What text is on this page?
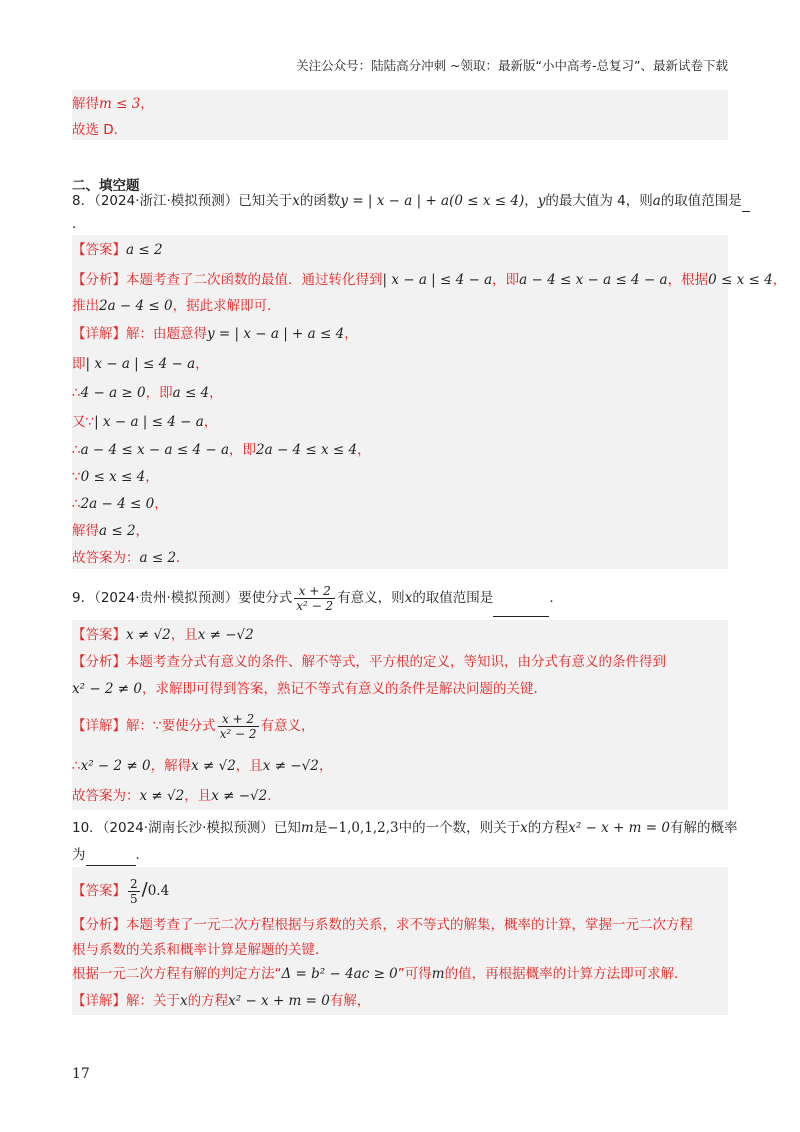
关注公众号：陆陆高分冲刺 ~领取：最新版“小中高考-总复习”、最新试卷下载
解得m ≤ 3，
故选 D．
二、填空题
8．（2024·浙江·模拟预测）已知关于x的函数y = | x − a | + a(0 ≤ x ≤ 4)，y的最大值为 4，则a的取值范围是
．
【答案】a ≤ 2
【分析】本题考查了二次函数的最值．通过转化得到| x − a | ≤ 4 − a，即a − 4 ≤ x − a ≤ 4 − a，根据0 ≤ x ≤ 4，
推出2a − 4 ≤ 0，据此求解即可．
【详解】解：由题意得y = | x − a | + a ≤ 4，
即| x − a | ≤ 4 − a，
∴4 − a ≥ 0，即a ≤ 4，
又∵| x − a | ≤ 4 − a，
∴a − 4 ≤ x − a ≤ 4 − a，即2a − 4 ≤ x ≤ 4，
∵0 ≤ x ≤ 4，
∴2a − 4 ≤ 0，
解得a ≤ 2，
故答案为：a ≤ 2．
9．（2024·贵州·模拟预测）要使分式 $\frac{x + 2}{\text{x² − 2}}$ 有意义，则x的取值范围是	.
【答案】x ≠ √2，且x ≠ −√2
【分析】本题考查分式有意义的条件、解不等式，平方根的定义，等知识，由分式有意义的条件得到
x² − 2 ≠ 0，求解即可得到答案，熟记不等式有意义的条件是解决问题的关键．
【详解】解：∵要使分式 $\frac{x + 2}{\text{x² − 2}}$ 有意义，
∴x² − 2 ≠ 0，解得x ≠ √2，且x ≠ −√2，
故答案为：x ≠ √2，且x ≠ −√2．
10．（2024·湖南长沙·模拟预测）已知m是−1,0,1,2,3中的一个数，则关于x的方程x² − x + m = 0有解的概率
为	．
【答案】 $\frac{2}{5} /0.4$
【分析】本题考查了一元二次方程根据与系数的关系，求不等式的解集，概率的计算，掌握一元二次方程
根与系数的关系和概率计算是解题的关键．
根据一元二次方程有解的判定方法“Δ = b² − 4ac ≥ 0”可得m的值，再根据概率的计算方法即可求解．
【详解】解：关于x的方程x² − x + m = 0有解，
17
